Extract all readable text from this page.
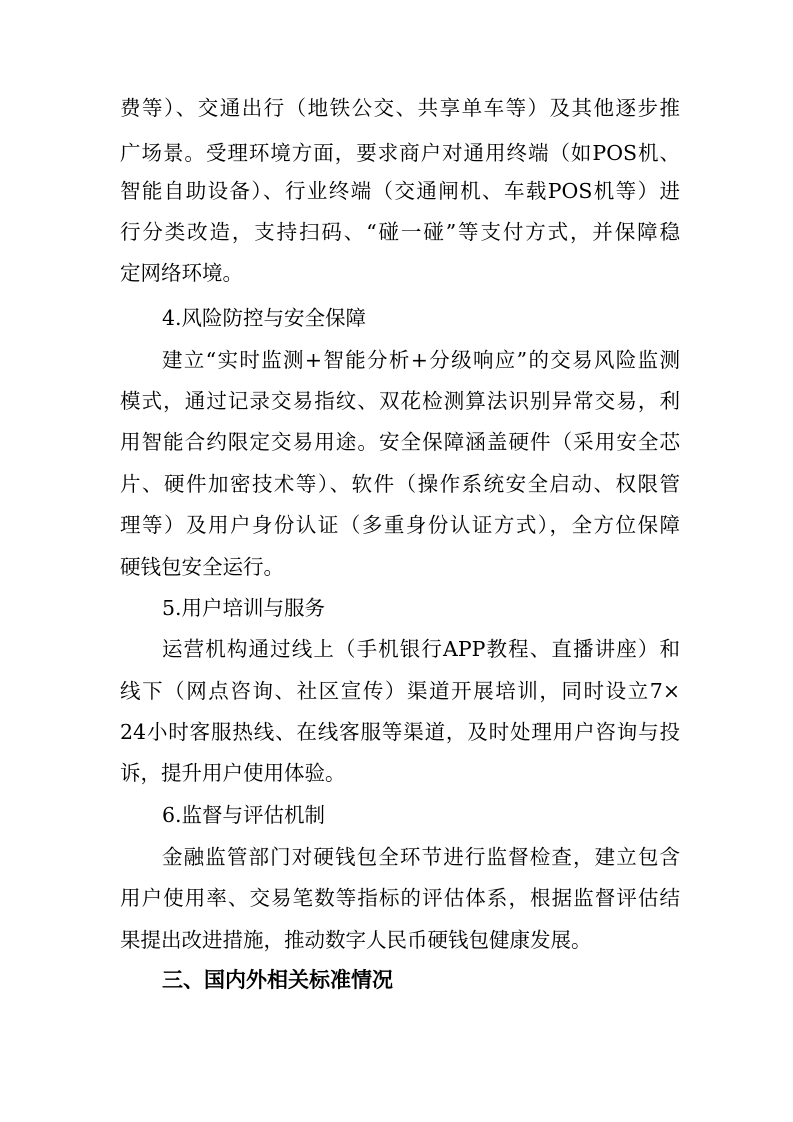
费等）、交通出行（地铁公交、共享单车等）及其他逐步推
广场景。受理环境方面，要求商户对通用终端（如POS机、
智能自助设备）、行业终端（交通闸机、车载POS机等）进
行分类改造，支持扫码、“碰一碰”等支付方式，并保障稳
定网络环境。
4.风险防控与安全保障
建立“实时监测+智能分析+分级响应”的交易风险监测
模式，通过记录交易指纹、双花检测算法识别异常交易，利
用智能合约限定交易用途。安全保障涵盖硬件（采用安全芯
片、硬件加密技术等）、软件（操作系统安全启动、权限管
理等）及用户身份认证（多重身份认证方式），全方位保障
硬钱包安全运行。
5.用户培训与服务
运营机构通过线上（手机银行APP教程、直播讲座）和
线下（网点咨询、社区宣传）渠道开展培训，同时设立7×
24小时客服热线、在线客服等渠道，及时处理用户咨询与投
诉，提升用户使用体验。
6.监督与评估机制
金融监管部门对硬钱包全环节进行监督检查，建立包含
用户使用率、交易笔数等指标的评估体系，根据监督评估结
果提出改进措施，推动数字人民币硬钱包健康发展。
三、国内外相关标准情况
